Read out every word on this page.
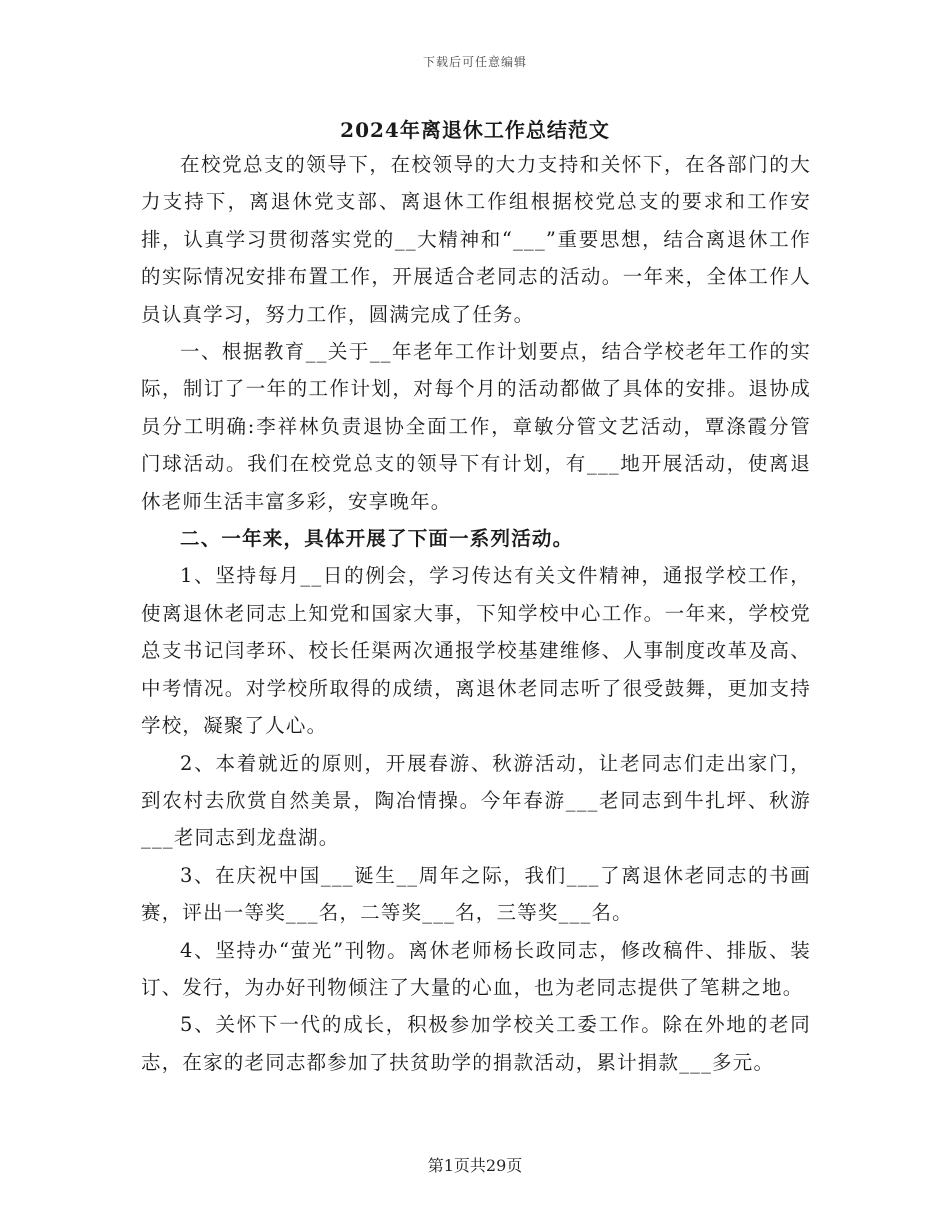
下载后可任意编辑
2024年离退休工作总结范文

在校党总支的领导下，在校领导的大力支持和关怀下，在各部门的大力支持下，离退休党支部、离退休工作组根据校党总支的要求和工作安排，认真学习贯彻落实党的__大精神和“___”重要思想，结合离退休工作的实际情况安排布置工作，开展适合老同志的活动。一年来，全体工作人员认真学习，努力工作，圆满完成了任务。

一、根据教育__关于__年老年工作计划要点，结合学校老年工作的实际，制订了一年的工作计划，对每个月的活动都做了具体的安排。退协成员分工明确:李祥林负责退协全面工作，章敏分管文艺活动，覃涤霞分管门球活动。我们在校党总支的领导下有计划，有___地开展活动，使离退休老师生活丰富多彩，安享晚年。

二、一年来，具体开展了下面一系列活动。

1、坚持每月__日的例会，学习传达有关文件精神，通报学校工作，使离退休老同志上知党和国家大事，下知学校中心工作。一年来，学校党总支书记闫孝环、校长任渠两次通报学校基建维修、人事制度改革及高、中考情况。对学校所取得的成绩，离退休老同志听了很受鼓舞，更加支持学校，凝聚了人心。

2、本着就近的原则，开展春游、秋游活动，让老同志们走出家门，到农村去欣赏自然美景，陶冶情操。今年春游___老同志到牛扎坪、秋游___老同志到龙盘湖。

3、在庆祝中国___诞生__周年之际，我们___了离退休老同志的书画赛，评出一等奖___名，二等奖___名，三等奖___名。

4、坚持办“萤光”刊物。离休老师杨长政同志，修改稿件、排版、装订、发行，为办好刊物倾注了大量的心血，也为老同志提供了笔耕之地。

5、关怀下一代的成长，积极参加学校关工委工作。除在外地的老同志，在家的老同志都参加了扶贫助学的捐款活动，累计捐款___多元。

第1页共29页
